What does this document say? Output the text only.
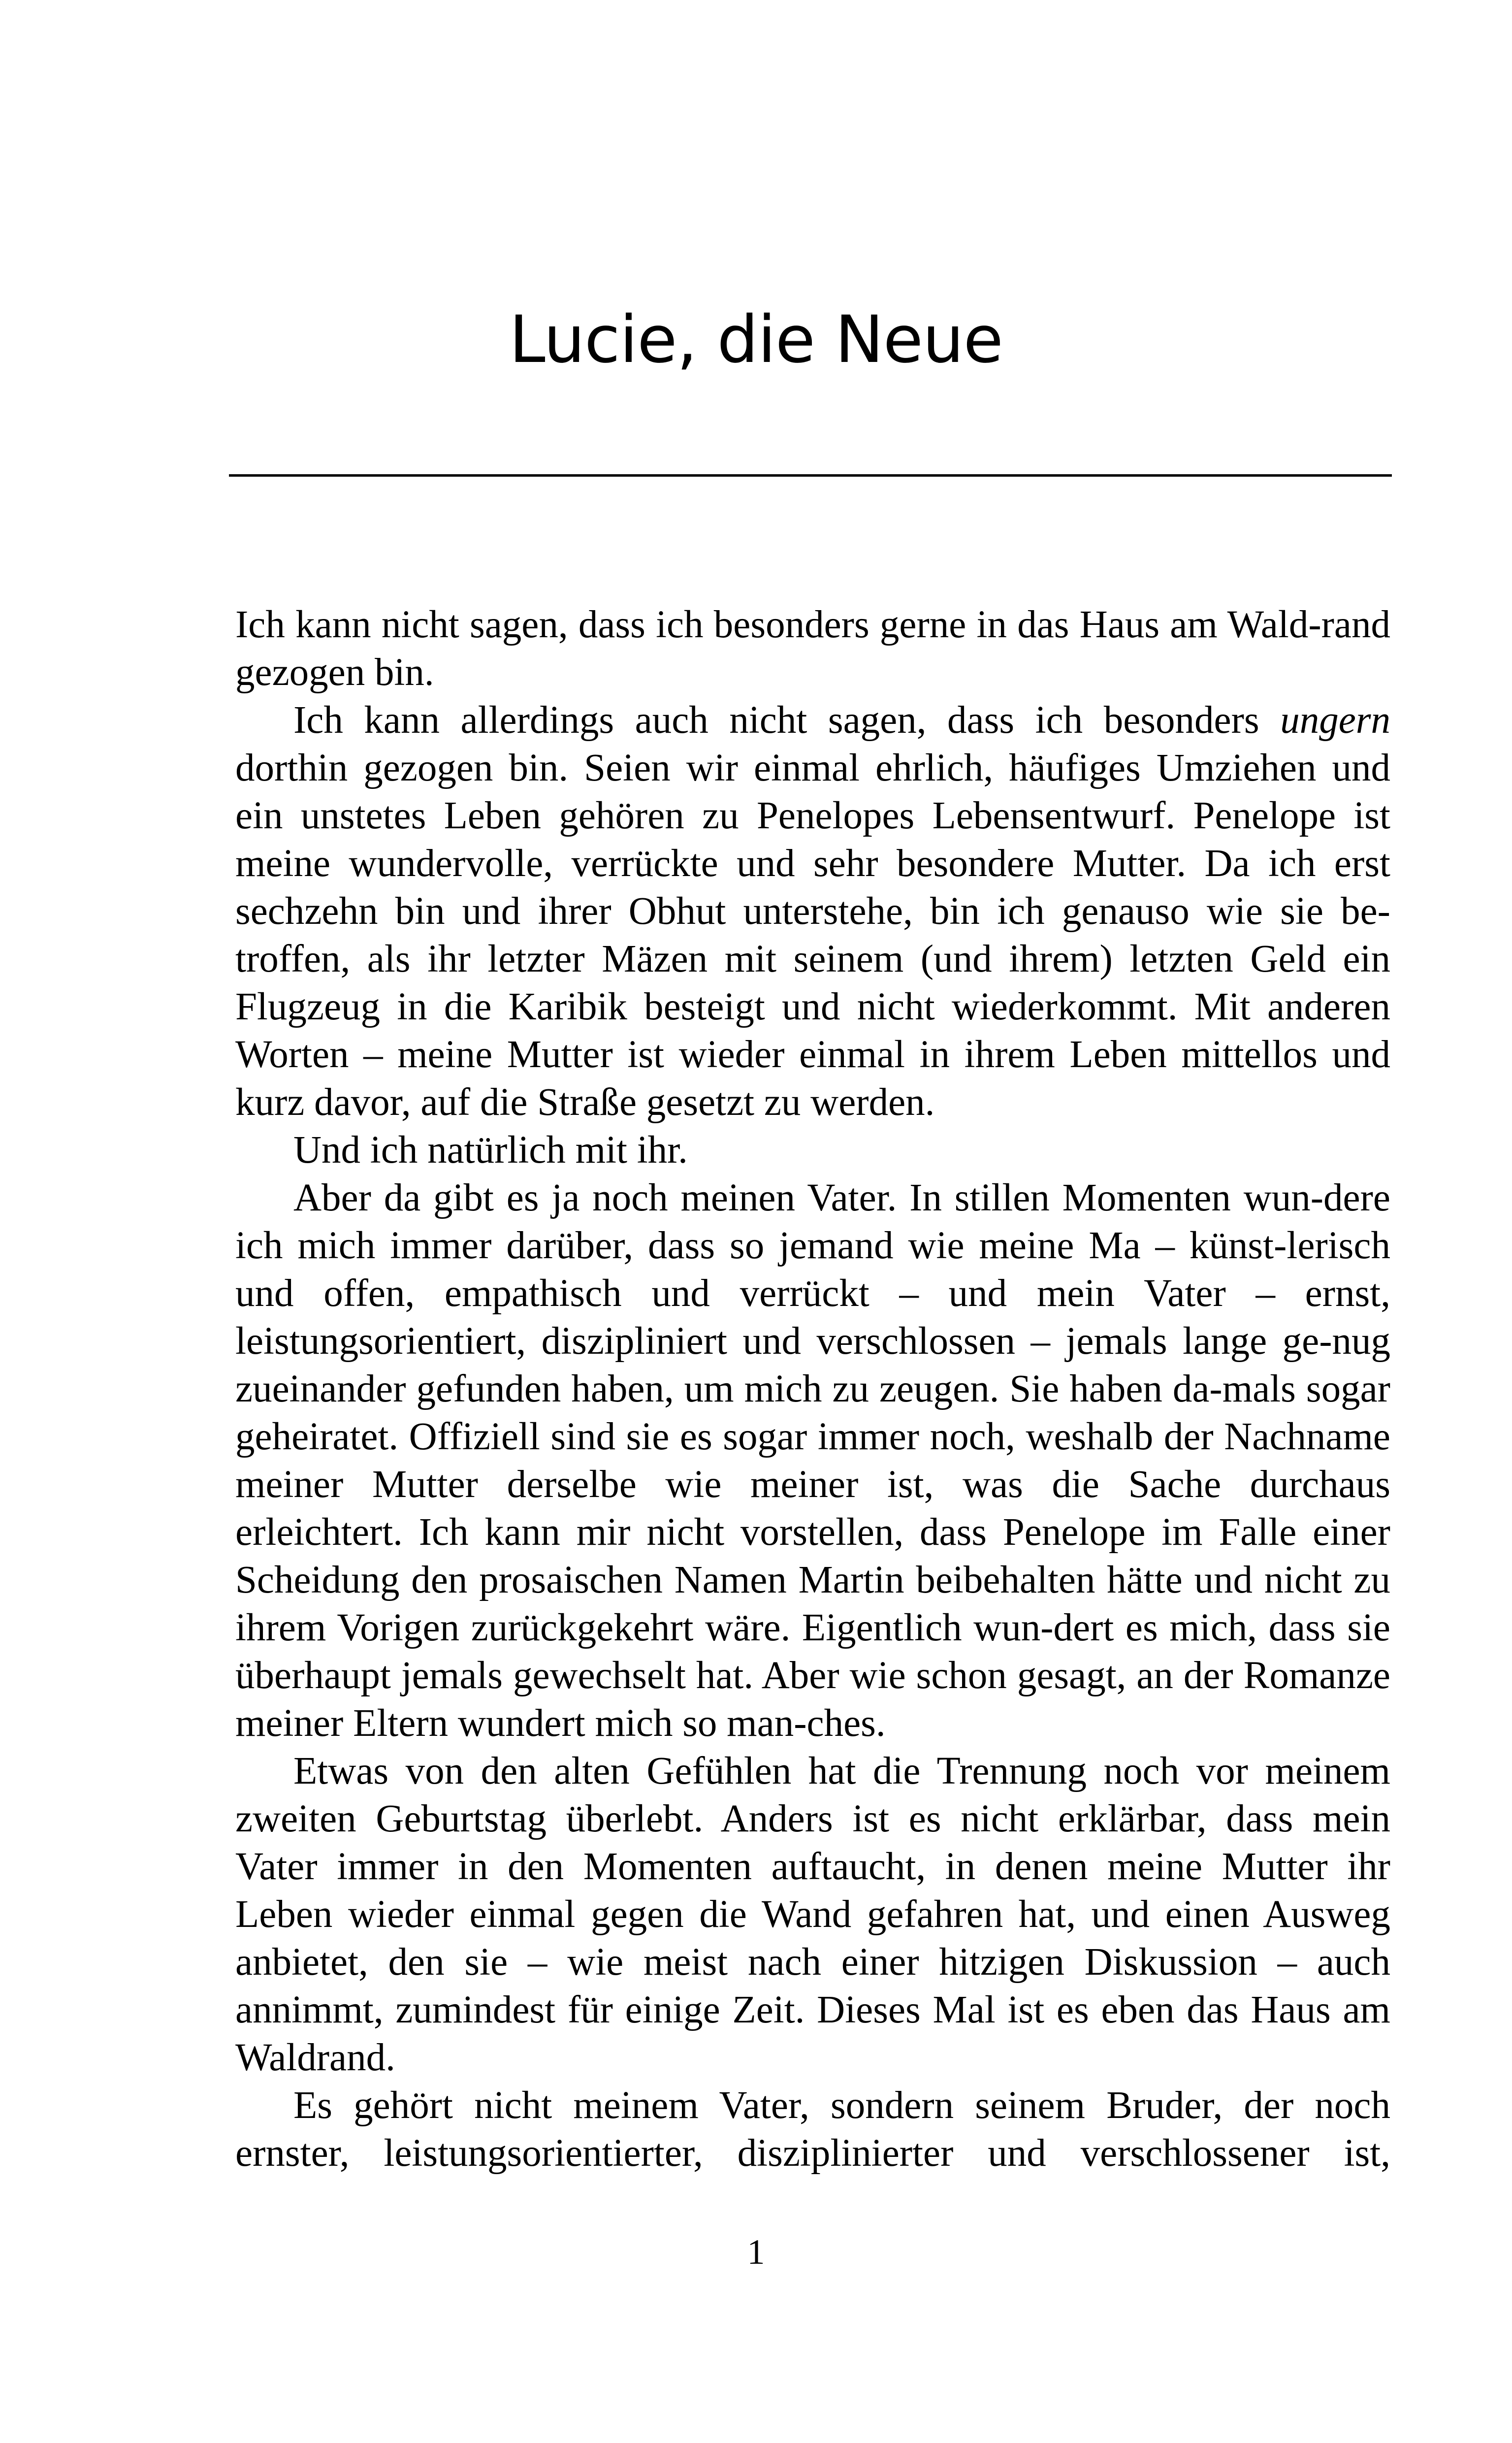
Lucie, die Neue

Ich kann nicht sagen, dass ich besonders gerne in das Haus am Wald-rand gezogen bin.

Ich kann allerdings auch nicht sagen, dass ich besonders ungern dorthin gezogen bin. Seien wir einmal ehrlich, häufiges Umziehen und ein unstetes Leben gehören zu Penelopes Lebensentwurf. Penelope ist meine wundervolle, verrückte und sehr besondere Mutter. Da ich erst sechzehn bin und ihrer Obhut unterstehe, bin ich genauso wie sie be-troffen, als ihr letzter Mäzen mit seinem (und ihrem) letzten Geld ein Flugzeug in die Karibik besteigt und nicht wiederkommt. Mit anderen Worten – meine Mutter ist wieder einmal in ihrem Leben mittellos und kurz davor, auf die Straße gesetzt zu werden.

Und ich natürlich mit ihr.

Aber da gibt es ja noch meinen Vater. In stillen Momenten wun-dere ich mich immer darüber, dass so jemand wie meine Ma – künst-lerisch und offen, empathisch und verrückt – und mein Vater – ernst, leistungsorientiert, diszipliniert und verschlossen – jemals lange ge-nug zueinander gefunden haben, um mich zu zeugen. Sie haben da-mals sogar geheiratet. Offiziell sind sie es sogar immer noch, weshalb der Nachname meiner Mutter derselbe wie meiner ist, was die Sache durchaus erleichtert. Ich kann mir nicht vorstellen, dass Penelope im Falle einer Scheidung den prosaischen Namen Martin beibehalten hätte und nicht zu ihrem Vorigen zurückgekehrt wäre. Eigentlich wun-dert es mich, dass sie überhaupt jemals gewechselt hat. Aber wie schon gesagt, an der Romanze meiner Eltern wundert mich so man-ches.

Etwas von den alten Gefühlen hat die Trennung noch vor meinem zweiten Geburtstag überlebt. Anders ist es nicht erklärbar, dass mein Vater immer in den Momenten auftaucht, in denen meine Mutter ihr Leben wieder einmal gegen die Wand gefahren hat, und einen Ausweg anbietet, den sie – wie meist nach einer hitzigen Diskussion – auch annimmt, zumindest für einige Zeit. Dieses Mal ist es eben das Haus am Waldrand.

Es gehört nicht meinem Vater, sondern seinem Bruder, der noch ernster, leistungsorientierter, disziplinierter und verschlossener ist,

1
